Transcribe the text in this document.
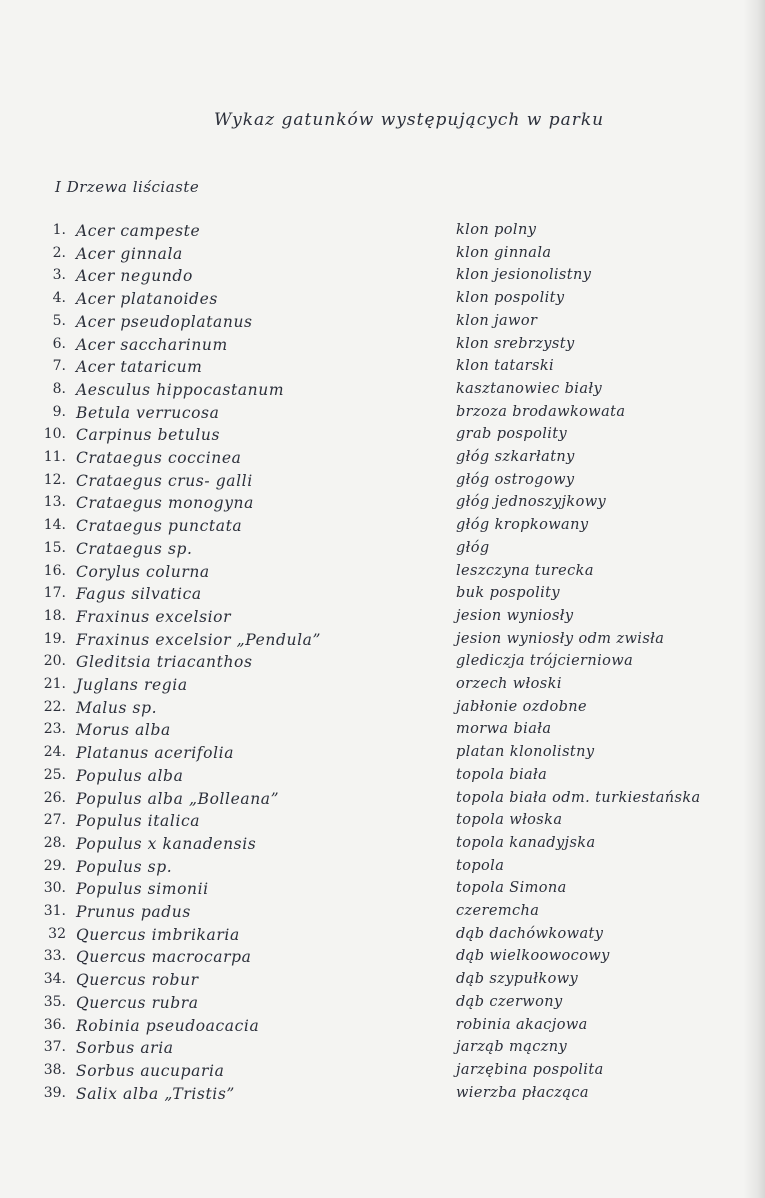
Wykaz gatunków występujących w parku
I Drzewa liściaste
1. Acer campeste	klon polny
2. Acer ginnala	klon ginnala
3. Acer negundo	klon jesionolistny
4. Acer platanoides	klon pospolity
5. Acer pseudoplatanus	klon jawor
6. Acer saccharinum	klon srebrzysty
7. Acer tataricum	klon tatarski
8. Aesculus hippocastanum	kasztanowiec biały
9. Betula verrucosa	brzoza brodawkowata
10. Carpinus betulus	grab pospolity
11. Crataegus coccinea	głóg szkarłatny
12. Crataegus crus- galli	głóg ostrogowy
13. Crataegus monogyna	głóg jednoszyjkowy
14. Crataegus punctata	głóg kropkowany
15. Crataegus sp.	głóg
16. Corylus colurna	leszczyna turecka
17. Fagus silvatica	buk pospolity
18. Fraxinus excelsior	jesion wyniosły
19. Fraxinus excelsior „Pendula”	jesion wyniosły odm zwisła
20. Gleditsia triacanthos	glediczja trójcierniowa
21. Juglans regia	orzech włoski
22. Malus sp.	jabłonie ozdobne
23. Morus alba	morwa biała
24. Platanus acerifolia	platan klonolistny
25. Populus alba	topola biała
26. Populus alba „Bolleana”	topola biała odm. turkiestańska
27. Populus italica	topola włoska
28. Populus x kanadensis	topola kanadyjska
29. Populus sp.	topola
30. Populus simonii	topola Simona
31. Prunus padus	czeremcha
32 Quercus imbrikaria	dąb dachówkowaty
33. Quercus macrocarpa	dąb wielkoowocowy
34. Quercus robur	dąb szypułkowy
35. Quercus rubra	dąb czerwony
36. Robinia pseudoacacia	robinia akacjowa
37. Sorbus aria	jarząb mączny
38. Sorbus aucuparia	jarzębina pospolita
39. Salix alba „Tristis”	wierzba płacząca
